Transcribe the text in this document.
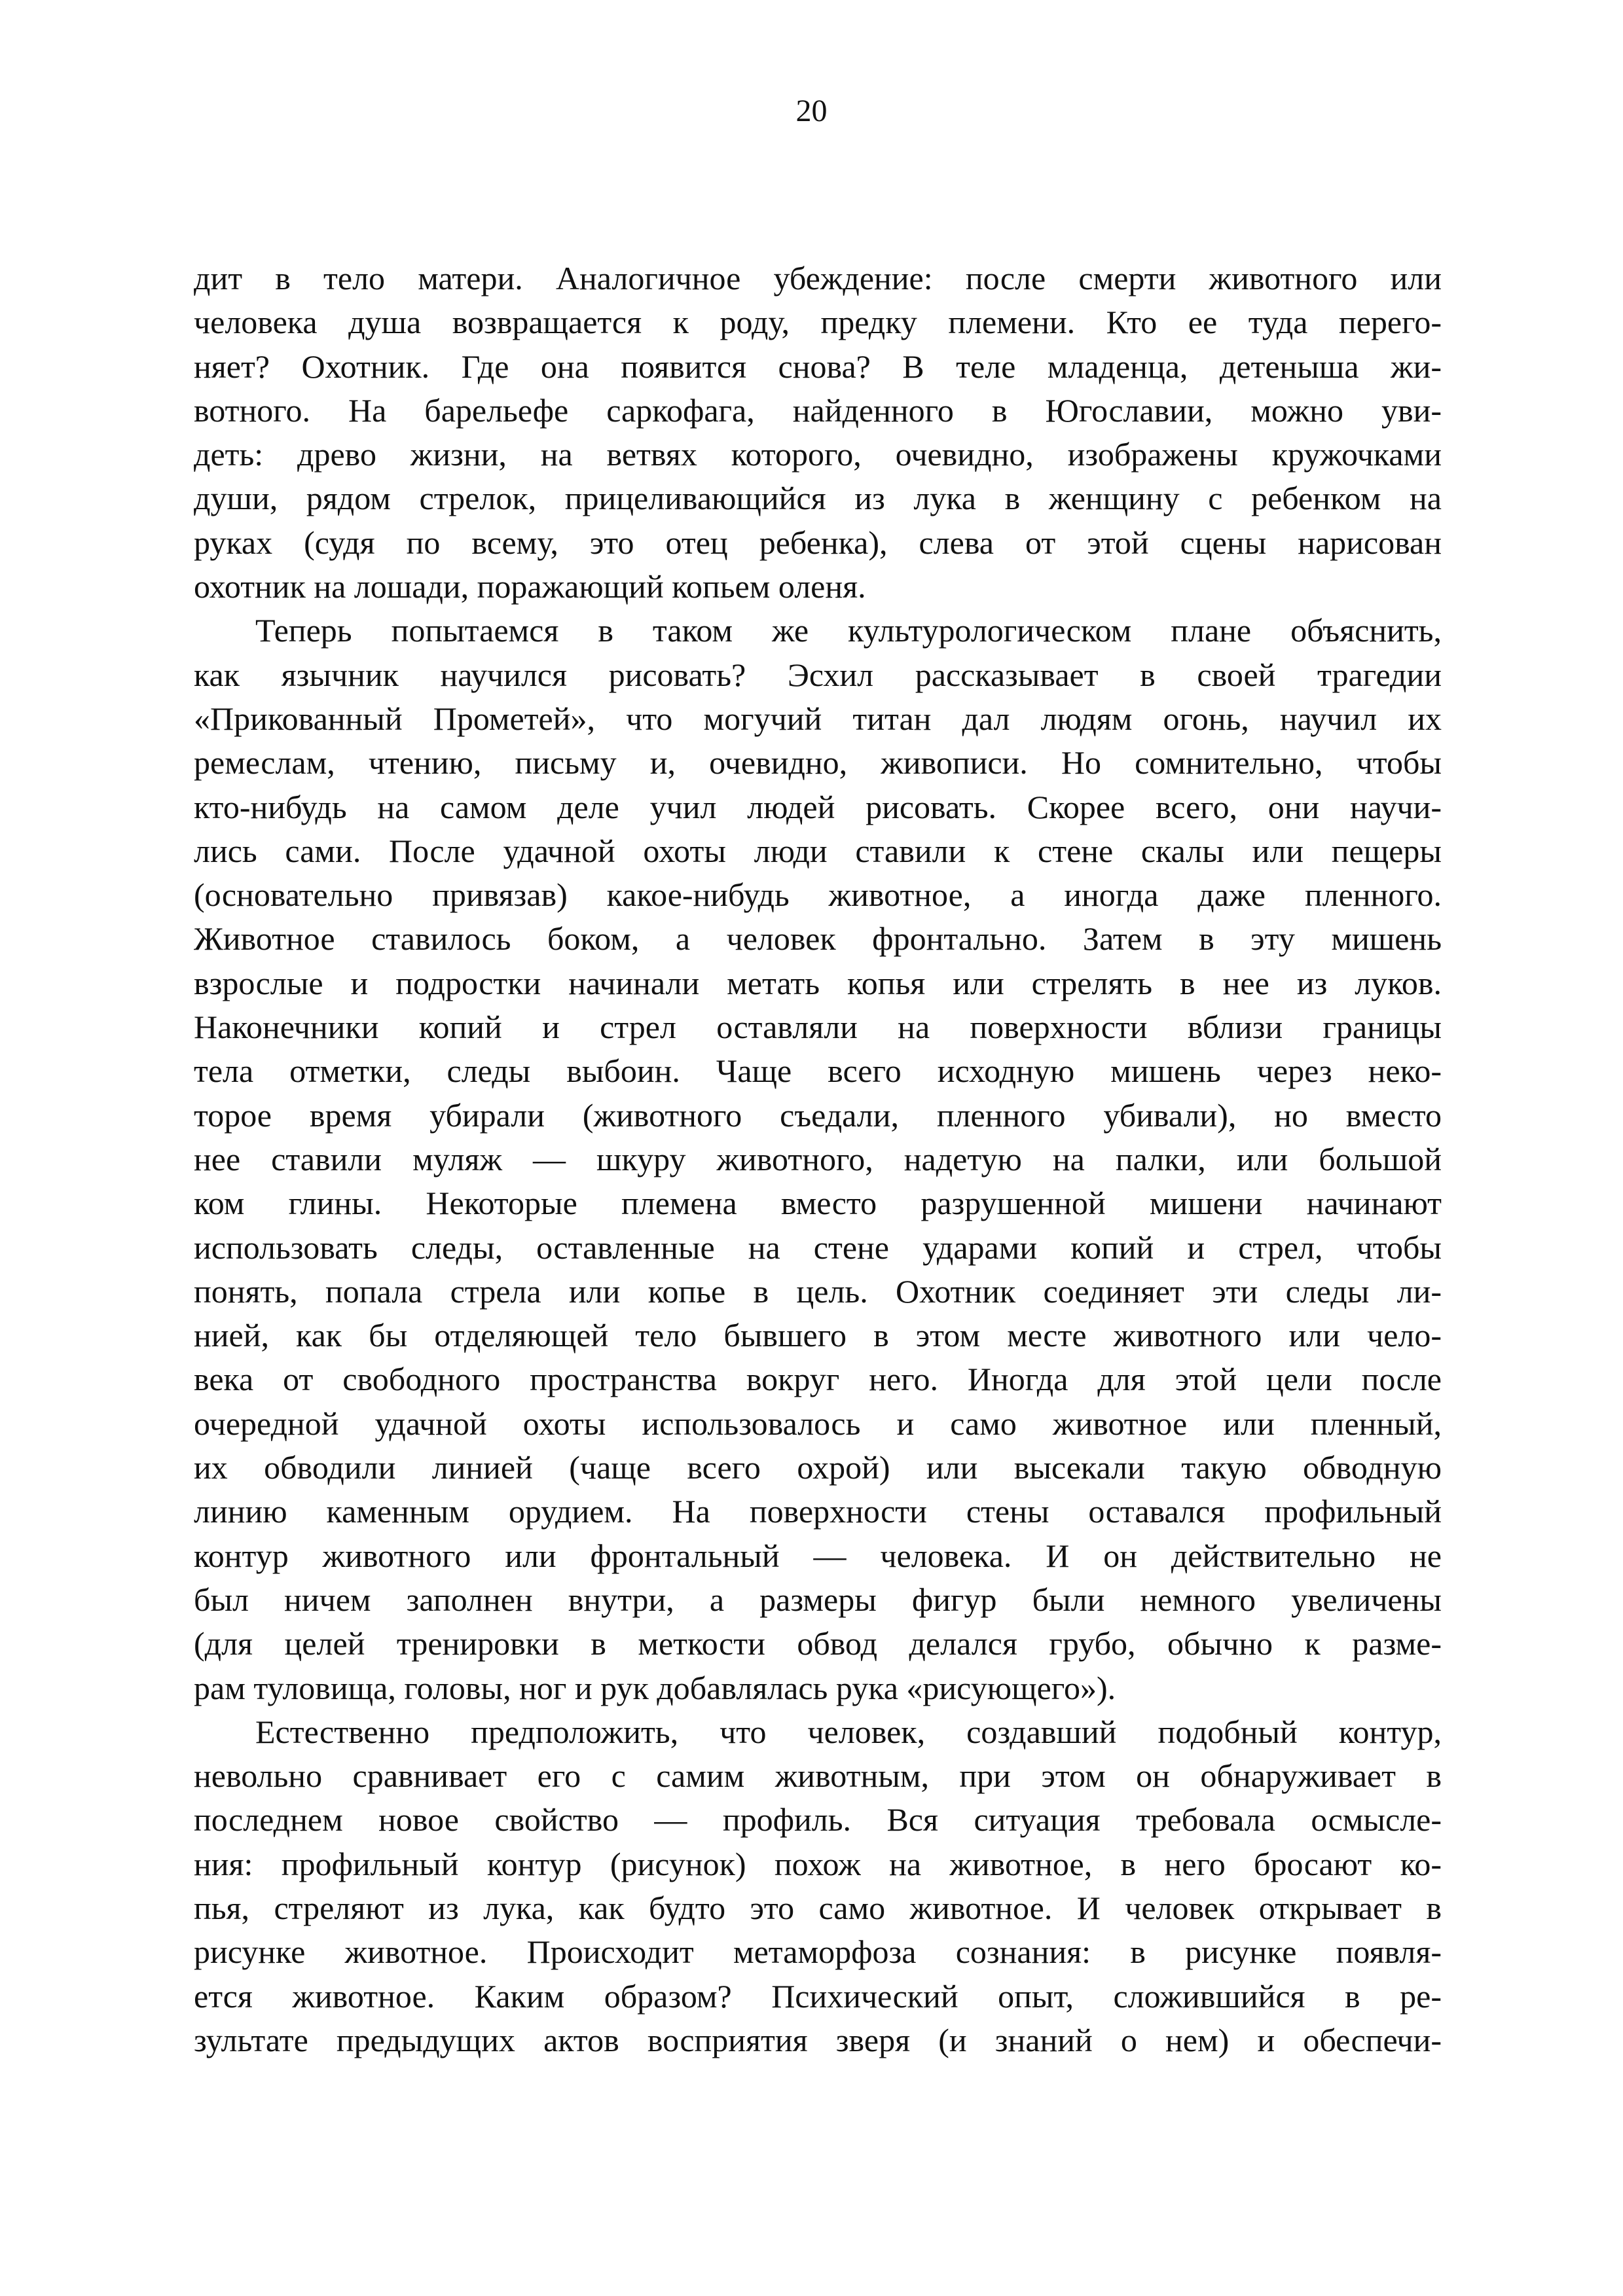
20
дит в тело матери. Аналогичное убеждение: после смерти животного или
человека душа возвращается к роду, предку племени. Кто ее туда перего-
няет? Охотник. Где она появится снова? В теле младенца, детеныша жи-
вотного. На барельефе саркофага, найденного в Югославии, можно уви-
деть: древо жизни, на ветвях которого, очевидно, изображены кружочками
души, рядом стрелок, прицеливающийся из лука в женщину с ребенком на
руках (судя по всему, это отец ребенка), слева от этой сцены нарисован
охотник на лошади, поражающий копьем оленя.
Теперь попытаемся в таком же культурологическом плане объяснить,
как язычник научился рисовать? Эсхил рассказывает в своей трагедии
«Прикованный Прометей», что могучий титан дал людям огонь, научил их
ремеслам, чтению, письму и, очевидно, живописи. Но сомнительно, чтобы
кто-нибудь на самом деле учил людей рисовать. Скорее всего, они научи-
лись сами. После удачной охоты люди ставили к стене скалы или пещеры
(основательно привязав) какое-нибудь животное, а иногда даже пленного.
Животное ставилось боком, а человек фронтально. Затем в эту мишень
взрослые и подростки начинали метать копья или стрелять в нее из луков.
Наконечники копий и стрел оставляли на поверхности вблизи границы
тела отметки, следы выбоин. Чаще всего исходную мишень через неко-
торое время убирали (животного съедали, пленного убивали), но вместо
нее ставили муляж — шкуру животного, надетую на палки, или большой
ком глины. Некоторые племена вместо разрушенной мишени начинают
использовать следы, оставленные на стене ударами копий и стрел, чтобы
понять, попала стрела или копье в цель. Охотник соединяет эти следы ли-
нией, как бы отделяющей тело бывшего в этом месте животного или чело-
века от свободного пространства вокруг него. Иногда для этой цели после
очередной удачной охоты использовалось и само животное или пленный,
их обводили линией (чаще всего охрой) или высекали такую обводную
линию каменным орудием. На поверхности стены оставался профильный
контур животного или фронтальный — человека. И он действительно не
был ничем заполнен внутри, а размеры фигур были немного увеличены
(для целей тренировки в меткости обвод делался грубо, обычно к разме-
рам туловища, головы, ног и рук добавлялась рука «рисующего»).
Естественно предположить, что человек, создавший подобный контур,
невольно сравнивает его с самим животным, при этом он обнаруживает в
последнем новое свойство — профиль. Вся ситуация требовала осмысле-
ния: профильный контур (рисунок) похож на животное, в него бросают ко-
пья, стреляют из лука, как будто это само животное. И человек открывает в
рисунке животное. Происходит метаморфоза сознания: в рисунке появля-
ется животное. Каким образом? Психический опыт, сложившийся в ре-
зультате предыдущих актов восприятия зверя (и знаний о нем) и обеспечи-
